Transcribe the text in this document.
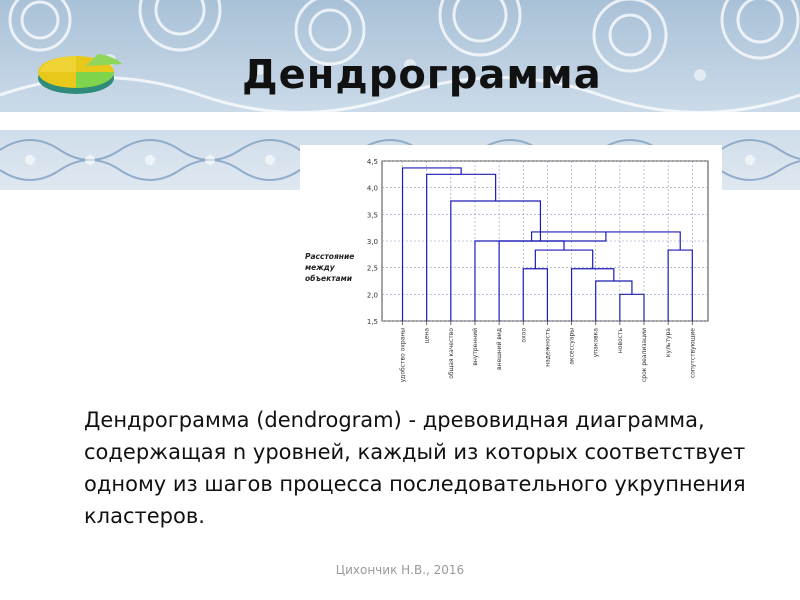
Дендрограмма
1,5
2,0
2,5
3,0
3,5
4,0
4,5
удобство охраны	цена	общая качество	внутренний	внешний вид	охоо	надежность	аксессуары	упаковка	новость	срок реализации	культура	сопутствующие
Расстояние между объектами
Дендрограмма (dendrogram) - древовидная диаграмма, содержащая n уровней, каждый из которых соответствует одному из шагов процесса последовательного укрупнения кластеров.
Цихончик Н.В., 2016
